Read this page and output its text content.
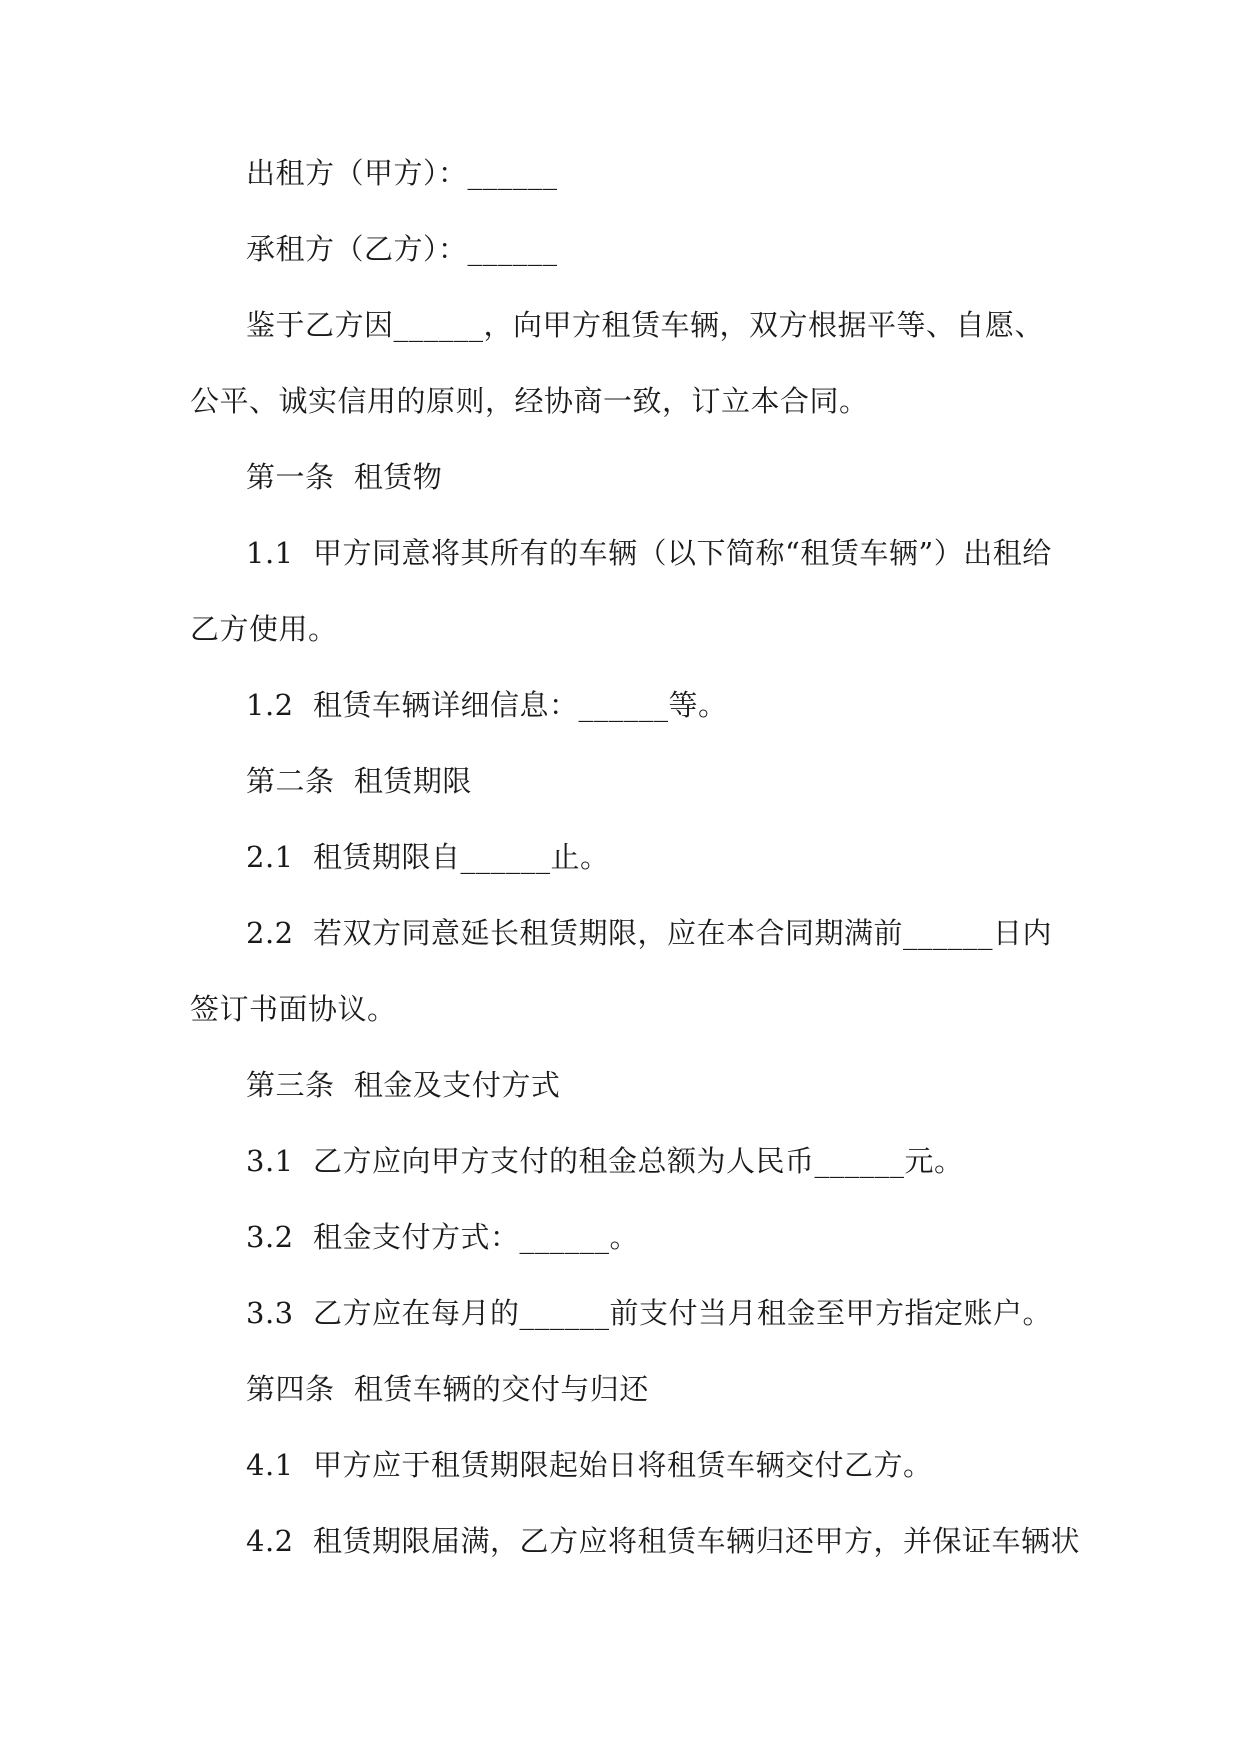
出租方（甲方）：______

承租方（乙方）：______

鉴于乙方因______，向甲方租赁车辆，双方根据平等、自愿、

公平、诚实信用的原则，经协商一致，订立本合同。

第一条  租赁物

1.1  甲方同意将其所有的车辆（以下简称“租赁车辆”）出租给

乙方使用。

1.2  租赁车辆详细信息：______等。

第二条  租赁期限

2.1  租赁期限自______止。

2.2  若双方同意延长租赁期限，应在本合同期满前______日内

签订书面协议。

第三条  租金及支付方式

3.1  乙方应向甲方支付的租金总额为人民币______元。

3.2  租金支付方式：______。

3.3  乙方应在每月的______前支付当月租金至甲方指定账户。

第四条  租赁车辆的交付与归还

4.1  甲方应于租赁期限起始日将租赁车辆交付乙方。

4.2  租赁期限届满，乙方应将租赁车辆归还甲方，并保证车辆状
